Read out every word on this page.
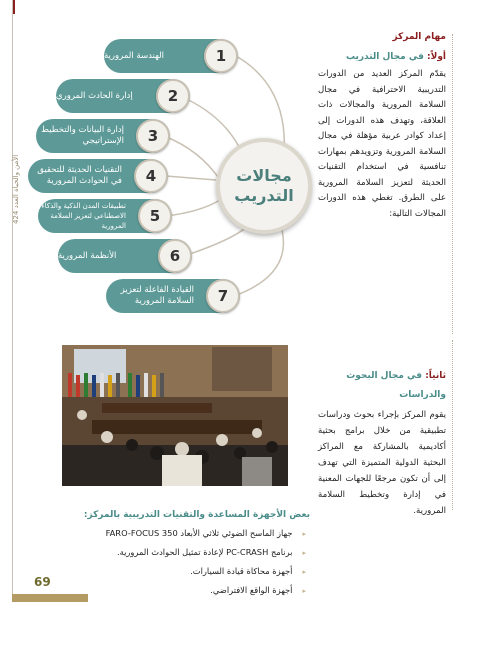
الأمن والحياة العدد 424
الهندسة المرورية	1
إدارة الحادث المروري	2
إدارة البيانات والتخطيط الإستراتيجي	3
التقنيات الحديثة للتحقيق في الحوادث المرورية	4
تطبيقات المدن الذكية والذكاء الاصطناعي لتعزيز السلامة المرورية
5
الأنظمة المرورية	6
القيادة الفاعلة لتعزيز السلامة المرورية	7
مجالات
التدريب
مهام المركز
أولاً: في مجال التدريب
يقدّم المركز العديد من الدورات التدريبية الاحترافية في مجال السلامة المرورية والمجالات ذات العلاقة، وتهدف هذه الدورات إلى إعداد كوادر عربية مؤهلة في مجال السلامة المرورية وتزويدهم بمهارات تنافسية في استخدام التقنيات الحديثة لتعزيز السلامة المرورية على الطرق. تغطي هذه الدورات المجالات التالية:
ثانياً: في مجال البحوث والدراسات
يقوم المركز بإجراء بحوث ودراسات تطبيقية من خلال برامج بحثية أكاديمية بالمشاركة مع المراكز البحثية الدولية المتميزة التي تهدف إلى أن تكون مرجعًا للجهات المعنية في إدارة وتخطيط السلامة المرورية.
بعض الأجهزة المساعدة والتقنيات التدريبية بالمركز:
▸ جهاز الماسح الضوئي ثلاثي الأبعاد FARO-FOCUS 350
▸ برنامج PC-CRASH لإعادة تمثيل الحوادث المرورية.
▸ أجهزة محاكاة قيادة السيارات.
▸ أجهزة الواقع الافتراضي.
69
